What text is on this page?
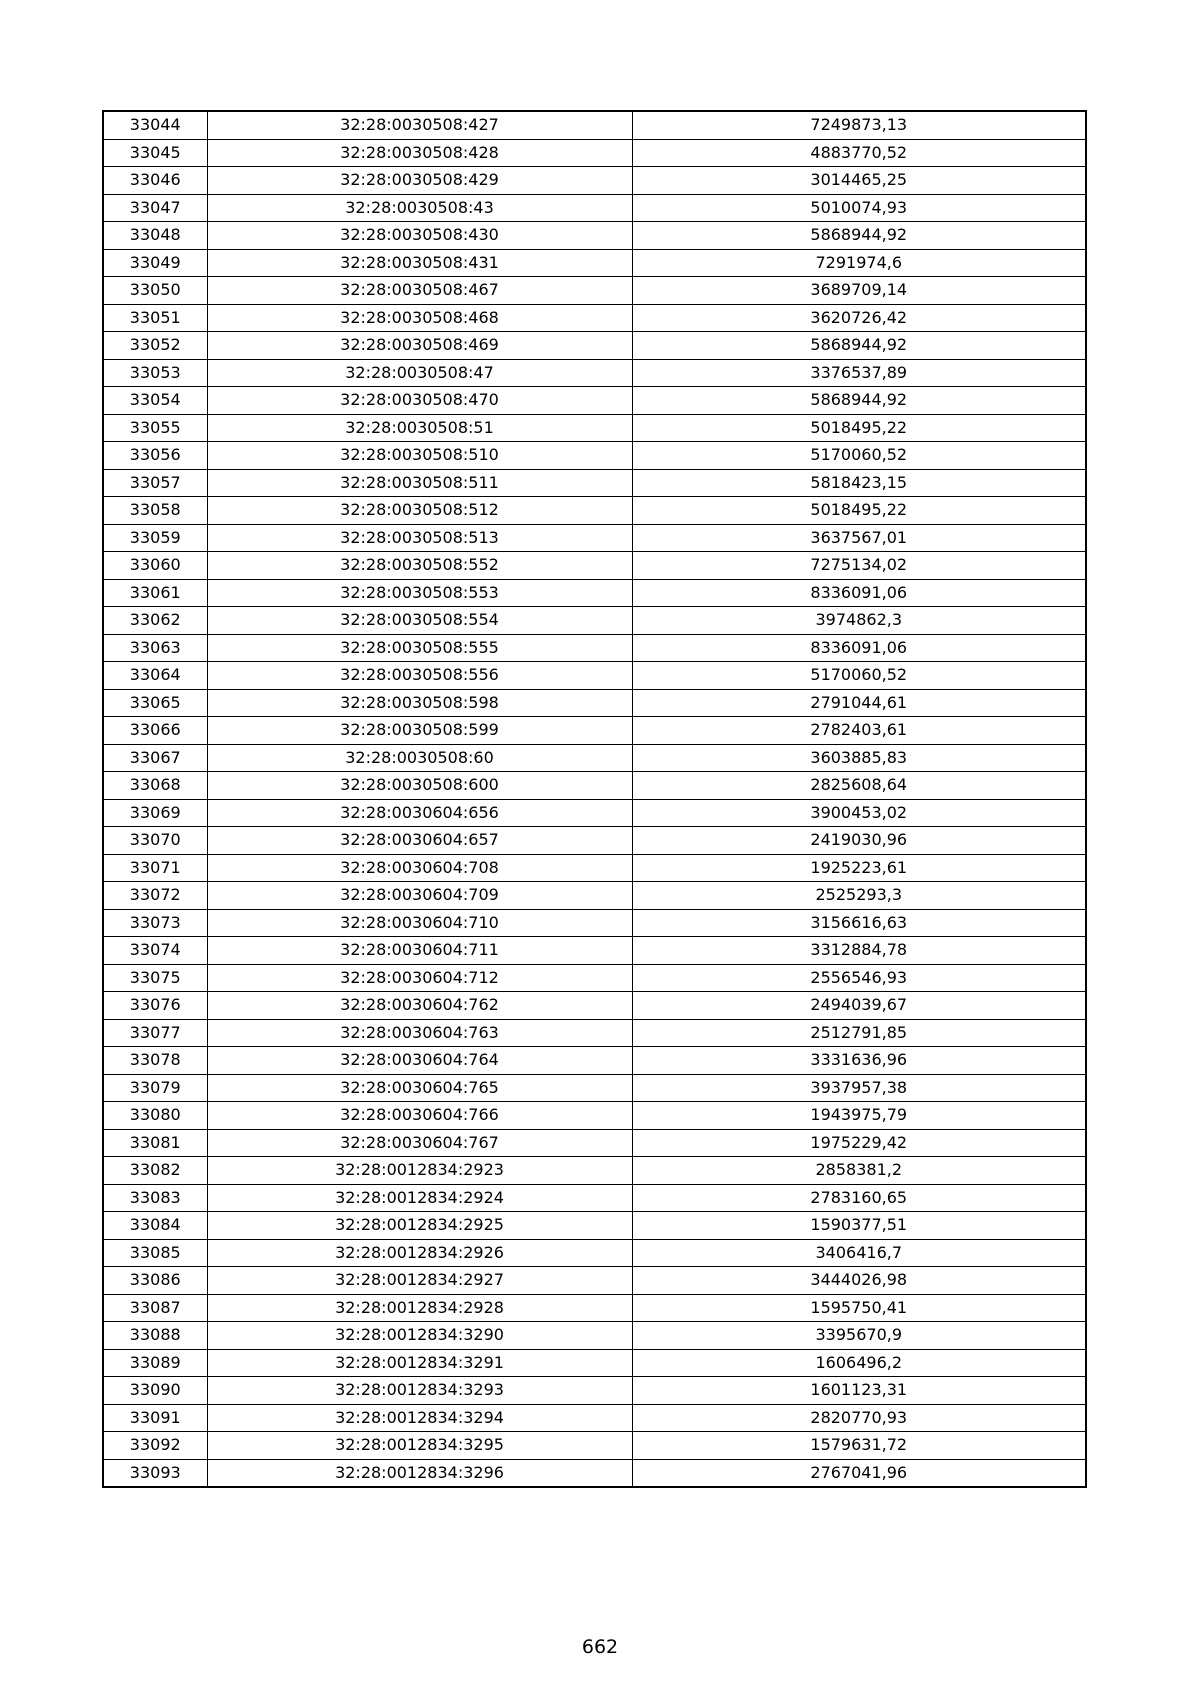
33044	32:28:0030508:427	7249873,13
33045	32:28:0030508:428	4883770,52
33046	32:28:0030508:429	3014465,25
33047	32:28:0030508:43	5010074,93
33048	32:28:0030508:430	5868944,92
33049	32:28:0030508:431	7291974,6
33050	32:28:0030508:467	3689709,14
33051	32:28:0030508:468	3620726,42
33052	32:28:0030508:469	5868944,92
33053	32:28:0030508:47	3376537,89
33054	32:28:0030508:470	5868944,92
33055	32:28:0030508:51	5018495,22
33056	32:28:0030508:510	5170060,52
33057	32:28:0030508:511	5818423,15
33058	32:28:0030508:512	5018495,22
33059	32:28:0030508:513	3637567,01
33060	32:28:0030508:552	7275134,02
33061	32:28:0030508:553	8336091,06
33062	32:28:0030508:554	3974862,3
33063	32:28:0030508:555	8336091,06
33064	32:28:0030508:556	5170060,52
33065	32:28:0030508:598	2791044,61
33066	32:28:0030508:599	2782403,61
33067	32:28:0030508:60	3603885,83
33068	32:28:0030508:600	2825608,64
33069	32:28:0030604:656	3900453,02
33070	32:28:0030604:657	2419030,96
33071	32:28:0030604:708	1925223,61
33072	32:28:0030604:709	2525293,3
33073	32:28:0030604:710	3156616,63
33074	32:28:0030604:711	3312884,78
33075	32:28:0030604:712	2556546,93
33076	32:28:0030604:762	2494039,67
33077	32:28:0030604:763	2512791,85
33078	32:28:0030604:764	3331636,96
33079	32:28:0030604:765	3937957,38
33080	32:28:0030604:766	1943975,79
33081	32:28:0030604:767	1975229,42
33082	32:28:0012834:2923	2858381,2
33083	32:28:0012834:2924	2783160,65
33084	32:28:0012834:2925	1590377,51
33085	32:28:0012834:2926	3406416,7
33086	32:28:0012834:2927	3444026,98
33087	32:28:0012834:2928	1595750,41
33088	32:28:0012834:3290	3395670,9
33089	32:28:0012834:3291	1606496,2
33090	32:28:0012834:3293	1601123,31
33091	32:28:0012834:3294	2820770,93
33092	32:28:0012834:3295	1579631,72
33093	32:28:0012834:3296	2767041,96
662
